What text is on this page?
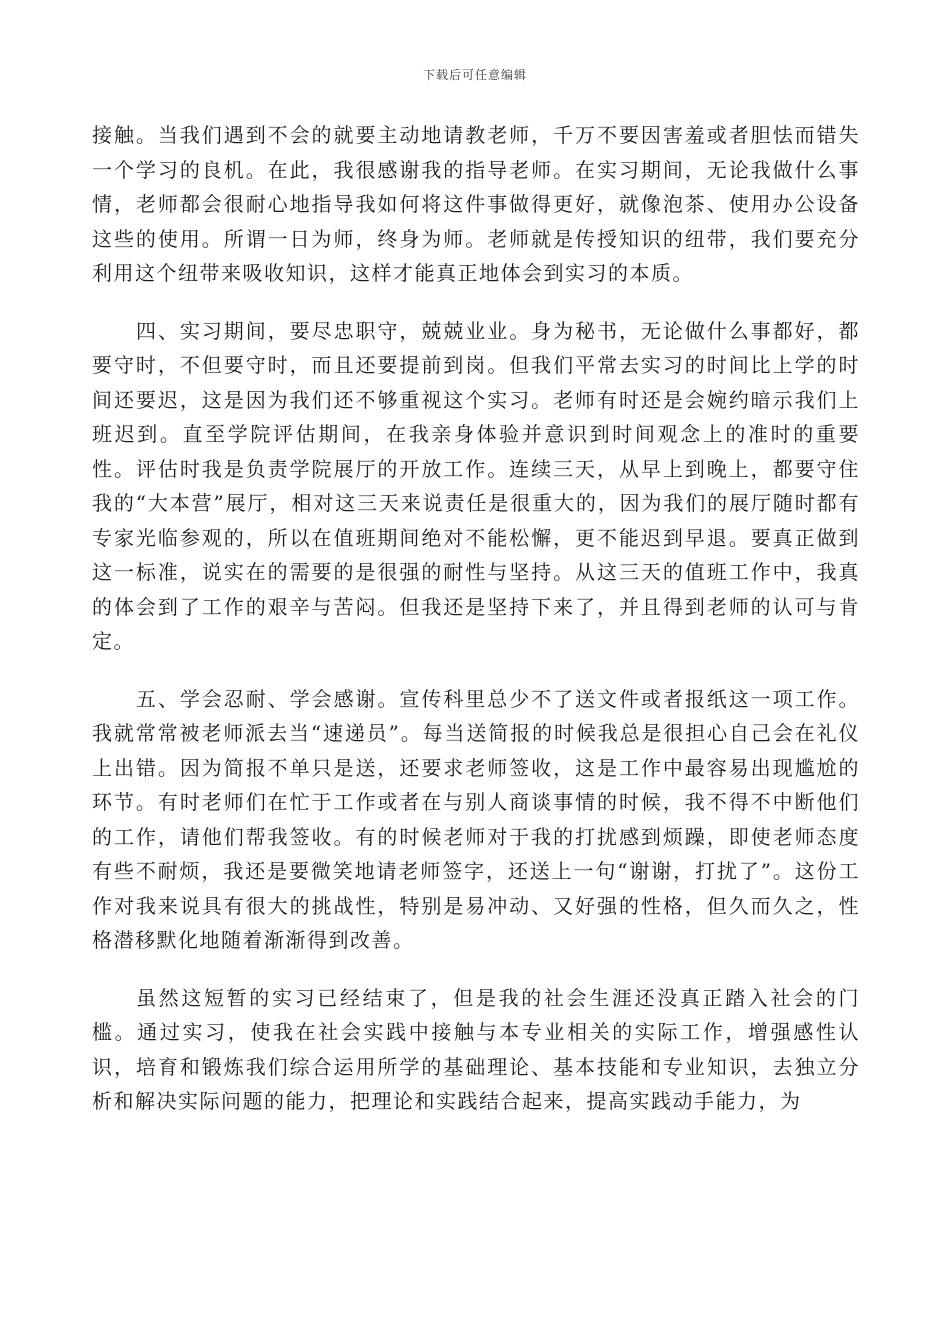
下载后可任意编辑

接触。当我们遇到不会的就要主动地请教老师，千万不要因害羞或者胆怯而错失一个学习的良机。在此，我很感谢我的指导老师。在实习期间，无论我做什么事情，老师都会很耐心地指导我如何将这件事做得更好，就像泡茶、使用办公设备这些的使用。所谓一日为师，终身为师。老师就是传授知识的纽带，我们要充分利用这个纽带来吸收知识，这样才能真正地体会到实习的本质。

四、实习期间，要尽忠职守，兢兢业业。身为秘书，无论做什么事都好，都要守时，不但要守时，而且还要提前到岗。但我们平常去实习的时间比上学的时间还要迟，这是因为我们还不够重视这个实习。老师有时还是会婉约暗示我们上班迟到。直至学院评估期间，在我亲身体验并意识到时间观念上的准时的重要性。评估时我是负责学院展厅的开放工作。连续三天，从早上到晚上，都要守住我的“大本营”展厅，相对这三天来说责任是很重大的，因为我们的展厅随时都有专家光临参观的，所以在值班期间绝对不能松懈，更不能迟到早退。要真正做到这一标准，说实在的需要的是很强的耐性与坚持。从这三天的值班工作中，我真的体会到了工作的艰辛与苦闷。但我还是坚持下来了，并且得到老师的认可与肯定。

五、学会忍耐、学会感谢。宣传科里总少不了送文件或者报纸这一项工作。我就常常被老师派去当“速递员”。每当送简报的时候我总是很担心自己会在礼仪上出错。因为简报不单只是送，还要求老师签收，这是工作中最容易出现尴尬的环节。有时老师们在忙于工作或者在与别人商谈事情的时候，我不得不中断他们的工作，请他们帮我签收。有的时候老师对于我的打扰感到烦躁，即使老师态度有些不耐烦，我还是要微笑地请老师签字，还送上一句“谢谢，打扰了”。这份工作对我来说具有很大的挑战性，特别是易冲动、又好强的性格，但久而久之，性格潜移默化地随着渐渐得到改善。

虽然这短暂的实习已经结束了，但是我的社会生涯还没真正踏入社会的门槛。通过实习，使我在社会实践中接触与本专业相关的实际工作，增强感性认识，培育和锻炼我们综合运用所学的基础理论、基本技能和专业知识，去独立分析和解决实际问题的能力，把理论和实践结合起来，提高实践动手能力，为
